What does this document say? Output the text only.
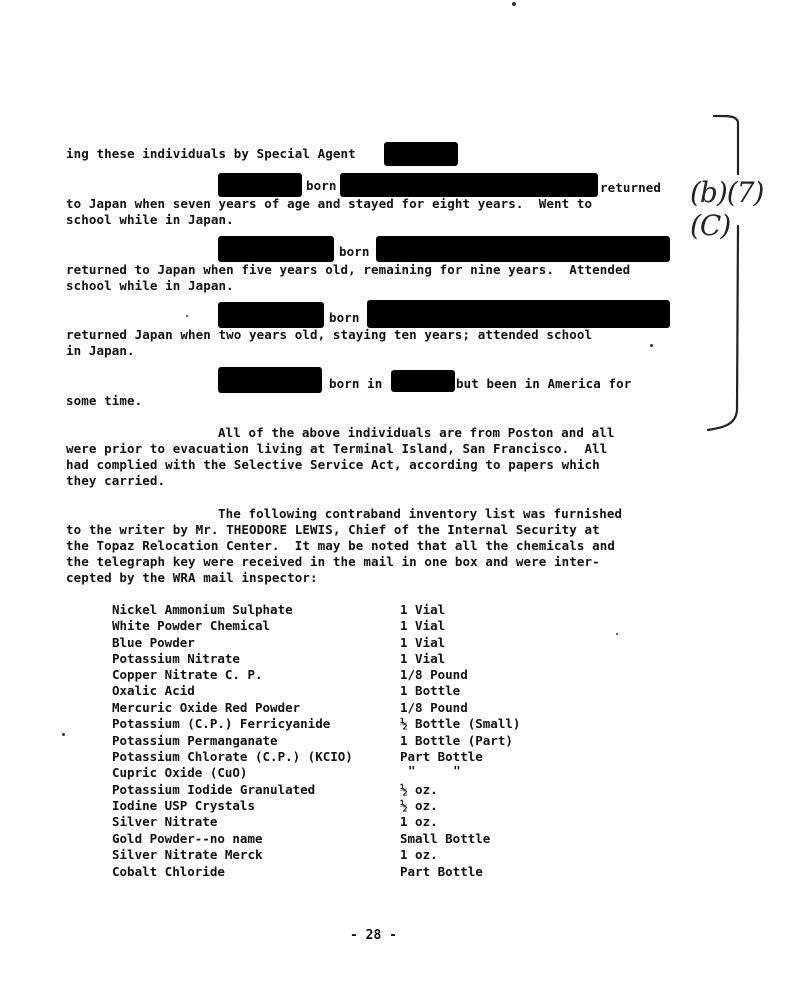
ing these individuals by Special Agent
born	returned
to Japan when seven years of age and stayed for eight years.  Went to
school while in Japan.
born
returned to Japan when five years old, remaining for nine years.  Attended
school while in Japan.
born
returned Japan when two years old, staying ten years; attended school
in Japan.
born in	but been in America for
some time.
All of the above individuals are from Poston and all
were prior to evacuation living at Terminal Island, San Francisco.  All
had complied with the Selective Service Act, according to papers which
they carried.
The following contraband inventory list was furnished
to the writer by Mr. THEODORE LEWIS, Chief of the Internal Security at
the Topaz Relocation Center.  It may be noted that all the chemicals and
the telegraph key were received in the mail in one box and were inter-
cepted by the WRA mail inspector:
Nickel Ammonium Sulphate	1 Vial
White Powder Chemical	1 Vial
Blue Powder	1 Vial
Potassium Nitrate	1 Vial
Copper Nitrate C. P.	1/8 Pound
Oxalic Acid	1 Bottle
Mercuric Oxide Red Powder	1/8 Pound
Potassium (C.P.) Ferricyanide	½ Bottle (Small)
Potassium Permanganate	1 Bottle (Part)
Potassium Chlorate (C.P.) (KCIO)	Part Bottle
Cupric Oxide (CuO)	"     "
Potassium Iodide Granulated	½ oz.
Iodine USP Crystals	½ oz.
Silver Nitrate	1 oz.
Gold Powder--no name	Small Bottle
Silver Nitrate Merck	1 oz.
Cobalt Chloride	Part Bottle
(b)(7)(C)
- 28 -
